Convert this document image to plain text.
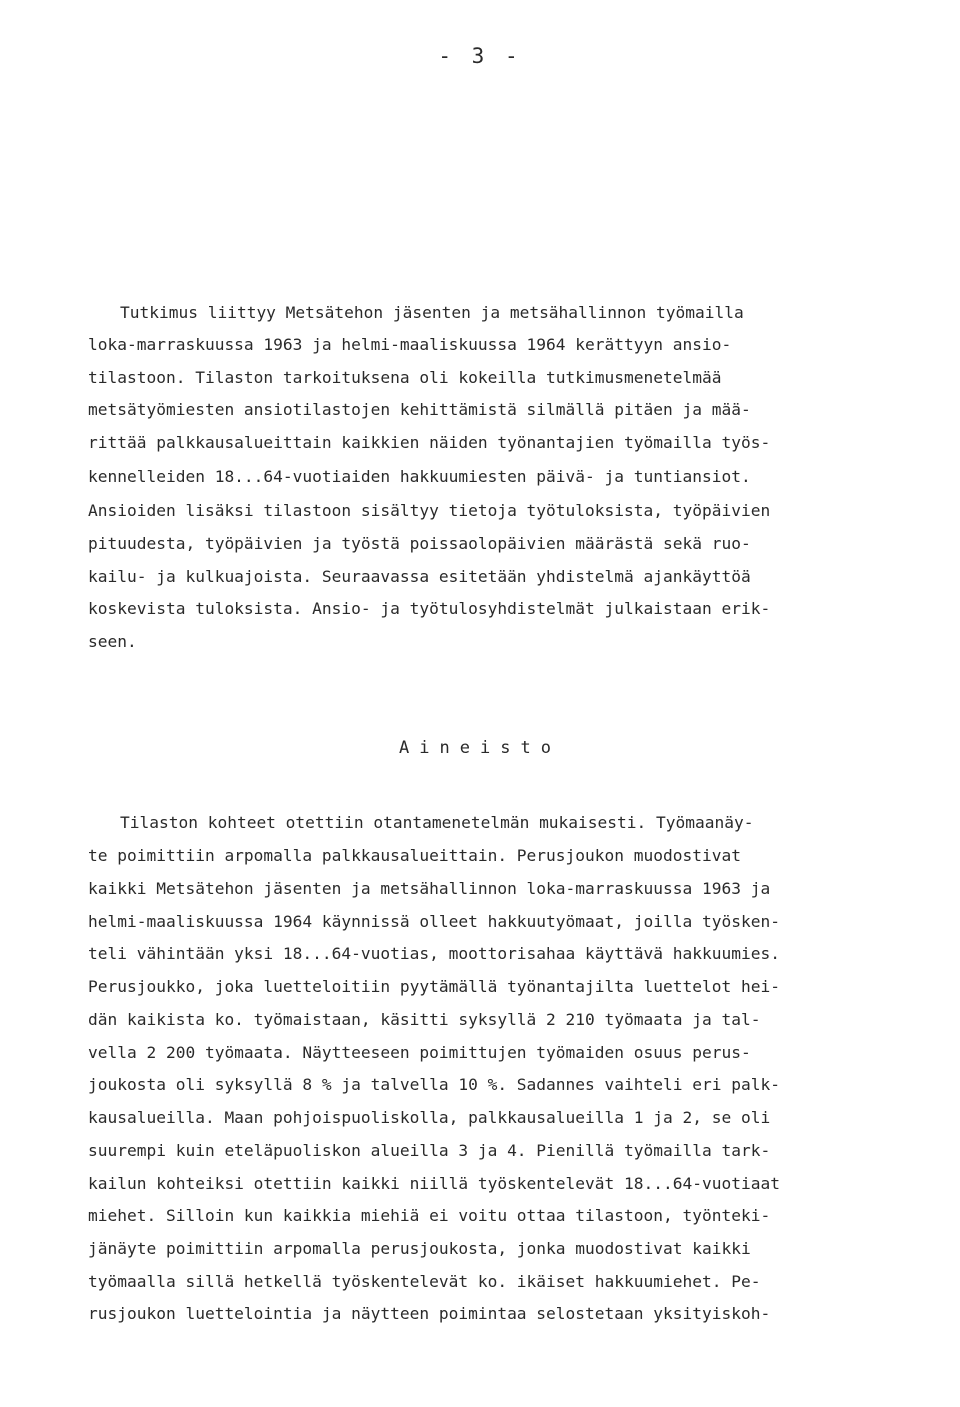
- 3 -
Tutkimus liittyy Metsätehon jäsenten ja metsähallinnon työmailla
loka-marraskuussa 1963 ja helmi-maaliskuussa 1964 kerättyyn ansio-
tilastoon. Tilaston tarkoituksena oli kokeilla tutkimusmenetelmää
metsätyömiesten ansiotilastojen kehittämistä silmällä pitäen ja mää-
rittää palkkausalueittain kaikkien näiden työnantajien työmailla työs-
kennelleiden 18...64-vuotiaiden hakkuumiesten päivä- ja tuntiansiot.
Ansioiden lisäksi tilastoon sisältyy tietoja työtuloksista, työpäivien
pituudesta, työpäivien ja työstä poissaolopäivien määrästä sekä ruo-
kailu- ja kulkuajoista. Seuraavassa esitetään yhdistelmä ajankäyttöä
koskevista tuloksista. Ansio- ja työtulosyhdistelmät julkaistaan erik-
seen.
Aineisto
Tilaston kohteet otettiin otantamenetelmän mukaisesti. Työmaanäy-
te poimittiin arpomalla palkkausalueittain. Perusjoukon muodostivat
kaikki Metsätehon jäsenten ja metsähallinnon loka-marraskuussa 1963 ja
helmi-maaliskuussa 1964 käynnissä olleet hakkuutyömaat, joilla työsken-
teli vähintään yksi 18...64-vuotias, moottorisahaa käyttävä hakkuumies.
Perusjoukko, joka luetteloitiin pyytämällä työnantajilta luettelot hei-
dän kaikista ko. työmaistaan, käsitti syksyllä 2 210 työmaata ja tal-
vella 2 200 työmaata. Näytteeseen poimittujen työmaiden osuus perus-
joukosta oli syksyllä 8 % ja talvella 10 %. Sadannes vaihteli eri palk-
kausalueilla. Maan pohjoispuoliskolla, palkkausalueilla 1 ja 2, se oli
suurempi kuin eteläpuoliskon alueilla 3 ja 4. Pienillä työmailla tark-
kailun kohteiksi otettiin kaikki niillä työskentelevät 18...64-vuotiaat
miehet. Silloin kun kaikkia miehiä ei voitu ottaa tilastoon, työnteki-
jänäyte poimittiin arpomalla perusjoukosta, jonka muodostivat kaikki
työmaalla sillä hetkellä työskentelevät ko. ikäiset hakkuumiehet. Pe-
rusjoukon luettelointia ja näytteen poimintaa selostetaan yksityiskoh-
